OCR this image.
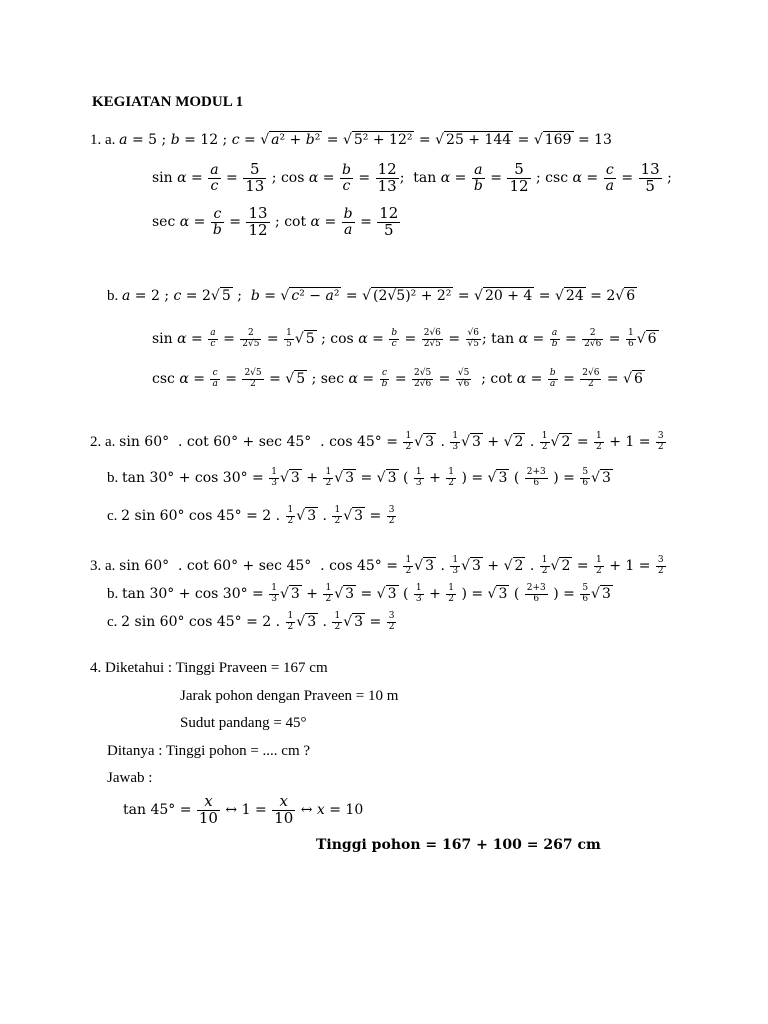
KEGIATAN MODUL 1
1. a. a = 5 ; b = 12 ; c = √ a² + b² = √ 5² + 12² = √ 25 + 144 = √ 169 = 13
$\sin \alpha = \frac{a}{c} = \frac{5}{13}$ ; $\cos \alpha = \frac{b}{c} = \frac{12}{13}$ ;  $\tan \alpha = \frac{a}{b} = \frac{5}{12}$ ; $\csc \alpha = \frac{c}{a} = \frac{13}{5}$ ;
$\sec \alpha = \frac{c}{b} = \frac{13}{12}$ ; $\cot \alpha = \frac{b}{a} = \frac{12}{5}$
b. a = 2 ; c = 2√ 5 ;  b = √ c² − a² = √ (2√5)² + 2² = √ 20 + 4 = √ 24 = 2√ 6
$\sin \alpha = \frac{a}{c} = \frac{2}{2√5} = \frac{1}{5}$ √ 5 ; $\cos \alpha = \frac{b}{c} = \frac{2√6}{2√5} = \frac{√6}{√5}$ ; $\tan \alpha = \frac{a}{b} = \frac{2}{2√6} = \frac{1}{6}$ √ 6
$\csc \alpha = \frac{c}{a} = \frac{2√5}{2}$ = √ 5 ; $\sec \alpha = \frac{c}{b} = \frac{2√5}{2√6} = \frac{√5}{√6}$ ; $\cot \alpha = \frac{b}{a} = \frac{2√6}{2}$ = √ 6
2. a. sin 60°  . cot 60° + sec 45°  . $\cos 45^\circ = \frac{1}{2}$ √ 3 . $\frac{1}{3}$ √ 3 + √ 2 . $\frac{1}{2}$ √ $2 = \frac{1}{2} + 1 = \frac{3}{2}$
b. $\tan 30^\circ + \cos 30^\circ = \frac{1}{3}$ √ $3 + \frac{1}{2}$ √ 3 = √ 3 ( $\frac{1}{3} + \frac{1}{2}$ ) = √ 3 ( $\frac{2+3}{6}$ ) = $\frac{5}{6}$ √ 3
c. 2 sin 60° cos 45° = 2 . $\frac{1}{2}$ √ 3 . $\frac{1}{2}$ √ $3 = \frac{3}{2}$
3. a. sin 60°  . cot 60° + sec 45°  . $\cos 45^\circ = \frac{1}{2}$ √ 3 . $\frac{1}{3}$ √ 3 + √ 2 . $\frac{1}{2}$ √ $2 = \frac{1}{2} + 1 = \frac{3}{2}$
b. $\tan 30^\circ + \cos 30^\circ = \frac{1}{3}$ √ $3 + \frac{1}{2}$ √ 3 = √ 3 ( $\frac{1}{3} + \frac{1}{2}$ ) = √ 3 ( $\frac{2+3}{6}$ ) = $\frac{5}{6}$ √ 3
c. 2 sin 60° cos 45° = 2 . $\frac{1}{2}$ √ 3 . $\frac{1}{2}$ √ $3 = \frac{3}{2}$
4. Diketahui : Tinggi Praveen = 167 cm
Jarak pohon dengan Praveen = 10 m
Sudut pandang = 45°
Ditanya : Tinggi pohon = .... cm ?
Jawab :
$\tan 45^\circ = \frac{x}{10}$ ↔ $1 = \frac{x}{10}$ ↔ x = 10
Tinggi pohon = 167 + 100 = 267 cm
